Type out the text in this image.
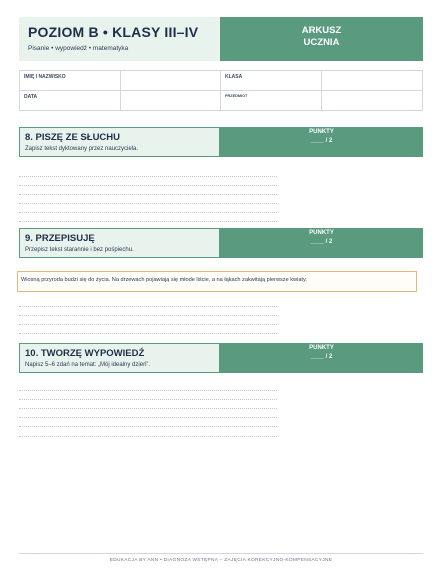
POZIOM B • KLASY III–IV
Pisanie • wypowiedź • matematyka
ARKUSZ
UCZNIA
IMIĘ I NAZWISKO	KLASA
DATA	PRZEDMIOT
8. PISZĘ ZE SŁUCHU
Zapisz tekst dyktowany przez nauczyciela.
PUNKTY
____ / 2
9. PRZEPISUJĘ
Przepisz tekst starannie i bez pośpiechu.
PUNKTY
____ / 2
Wiosną przyroda budzi się do życia. Na drzewach pojawiają się młode liście, a na łąkach zakwitają pierwsze kwiaty.
10. TWORZĘ WYPOWIEDŹ
Napisz 5–6 zdań na temat: „Mój idealny dzień”.
PUNKTY
____ / 2
EDUKACJA BY ANN • DIAGNOZA WSTĘPNA – ZAJĘCIA KOREKCYJNO-KOMPENSACYJNE
